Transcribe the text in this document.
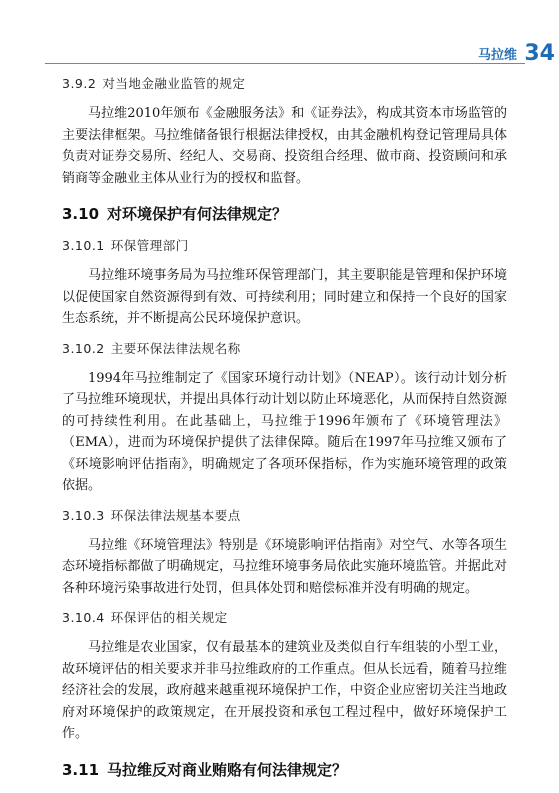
马拉维 34
3.9.2 对当地金融业监管的规定

马拉维2010年颁布《金融服务法》和《证券法》，构成其资本市场监管的主要法律框架。马拉维储备银行根据法律授权，由其金融机构登记管理局具体负责对证券交易所、经纪人、交易商、投资组合经理、做市商、投资顾问和承销商等金融业主体从业行为的授权和监督。

3.10 对环境保护有何法律规定？
3.10.1 环保管理部门

马拉维环境事务局为马拉维环保管理部门，其主要职能是管理和保护环境以促使国家自然资源得到有效、可持续利用；同时建立和保持一个良好的国家生态系统，并不断提高公民环境保护意识。

3.10.2 主要环保法律法规名称

1994年马拉维制定了《国家环境行动计划》（NEAP）。该行动计划分析了马拉维环境现状，并提出具体行动计划以防止环境恶化，从而保持自然资源的可持续性利用。在此基础上，马拉维于1996年颁布了《环境管理法》（EMA），进而为环境保护提供了法律保障。随后在1997年马拉维又颁布了《环境影响评估指南》，明确规定了各项环保指标，作为实施环境管理的政策依据。

3.10.3 环保法律法规基本要点

马拉维《环境管理法》特别是《环境影响评估指南》对空气、水等各项生态环境指标都做了明确规定，马拉维环境事务局依此实施环境监管。并据此对各种环境污染事故进行处罚，但具体处罚和赔偿标准并没有明确的规定。

3.10.4 环保评估的相关规定

马拉维是农业国家，仅有最基本的建筑业及类似自行车组装的小型工业，故环境评估的相关要求并非马拉维政府的工作重点。但从长远看，随着马拉维经济社会的发展，政府越来越重视环境保护工作，中资企业应密切关注当地政府对环境保护的政策规定，在开展投资和承包工程过程中，做好环境保护工作。

3.11 马拉维反对商业贿赂有何法律规定？
